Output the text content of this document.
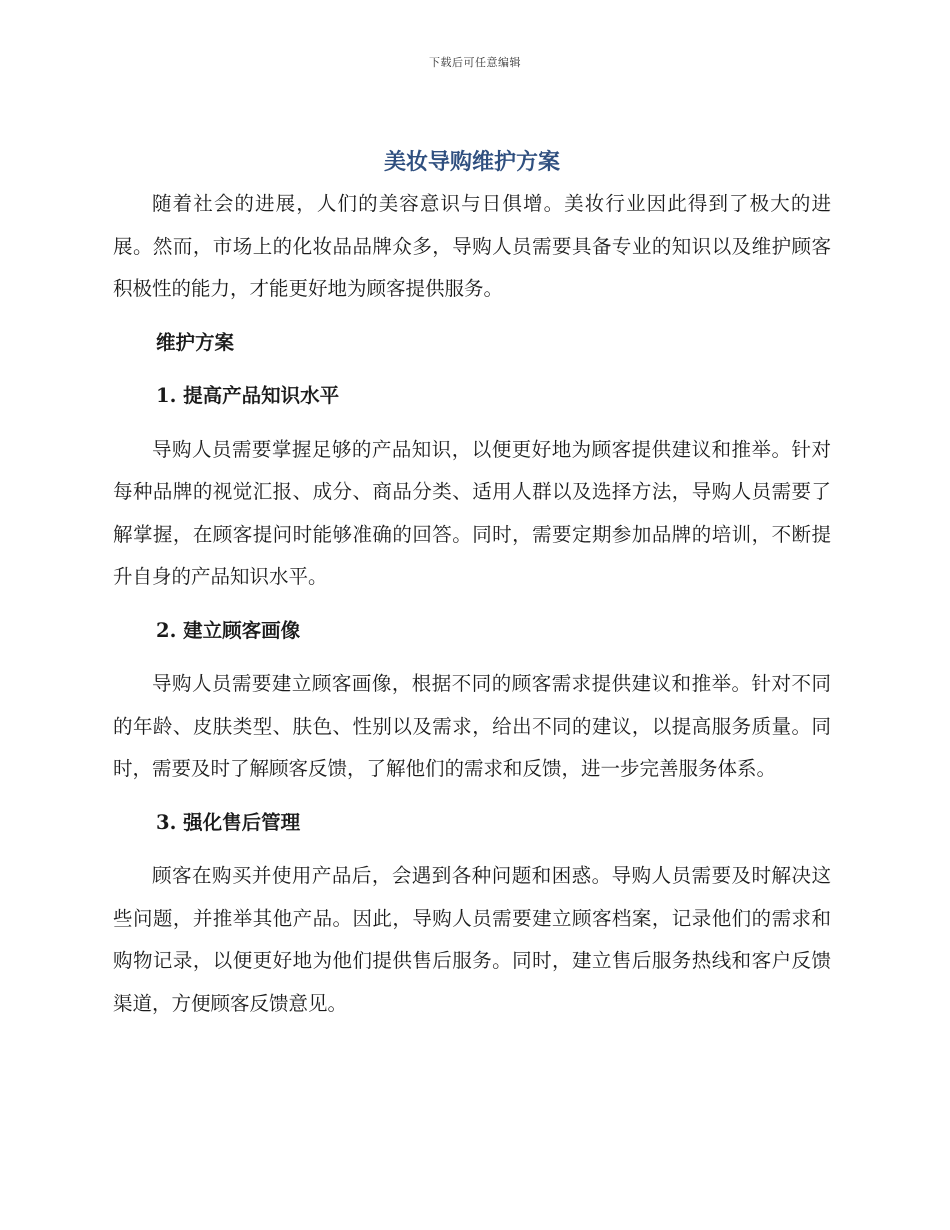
下载后可任意编辑
美妆导购维护方案

随着社会的进展，人们的美容意识与日俱增。美妆行业因此得到了极大的进展。然而，市场上的化妆品品牌众多，导购人员需要具备专业的知识以及维护顾客积极性的能力，才能更好地为顾客提供服务。

维护方案

1. 提高产品知识水平

导购人员需要掌握足够的产品知识，以便更好地为顾客提供建议和推举。针对每种品牌的视觉汇报、成分、商品分类、适用人群以及选择方法，导购人员需要了解掌握，在顾客提问时能够准确的回答。同时，需要定期参加品牌的培训，不断提升自身的产品知识水平。

2. 建立顾客画像

导购人员需要建立顾客画像，根据不同的顾客需求提供建议和推举。针对不同的年龄、皮肤类型、肤色、性别以及需求，给出不同的建议，以提高服务质量。同时，需要及时了解顾客反馈，了解他们的需求和反馈，进一步完善服务体系。

3. 强化售后管理

顾客在购买并使用产品后，会遇到各种问题和困惑。导购人员需要及时解决这些问题，并推举其他产品。因此，导购人员需要建立顾客档案，记录他们的需求和购物记录，以便更好地为他们提供售后服务。同时，建立售后服务热线和客户反馈渠道，方便顾客反馈意见。
